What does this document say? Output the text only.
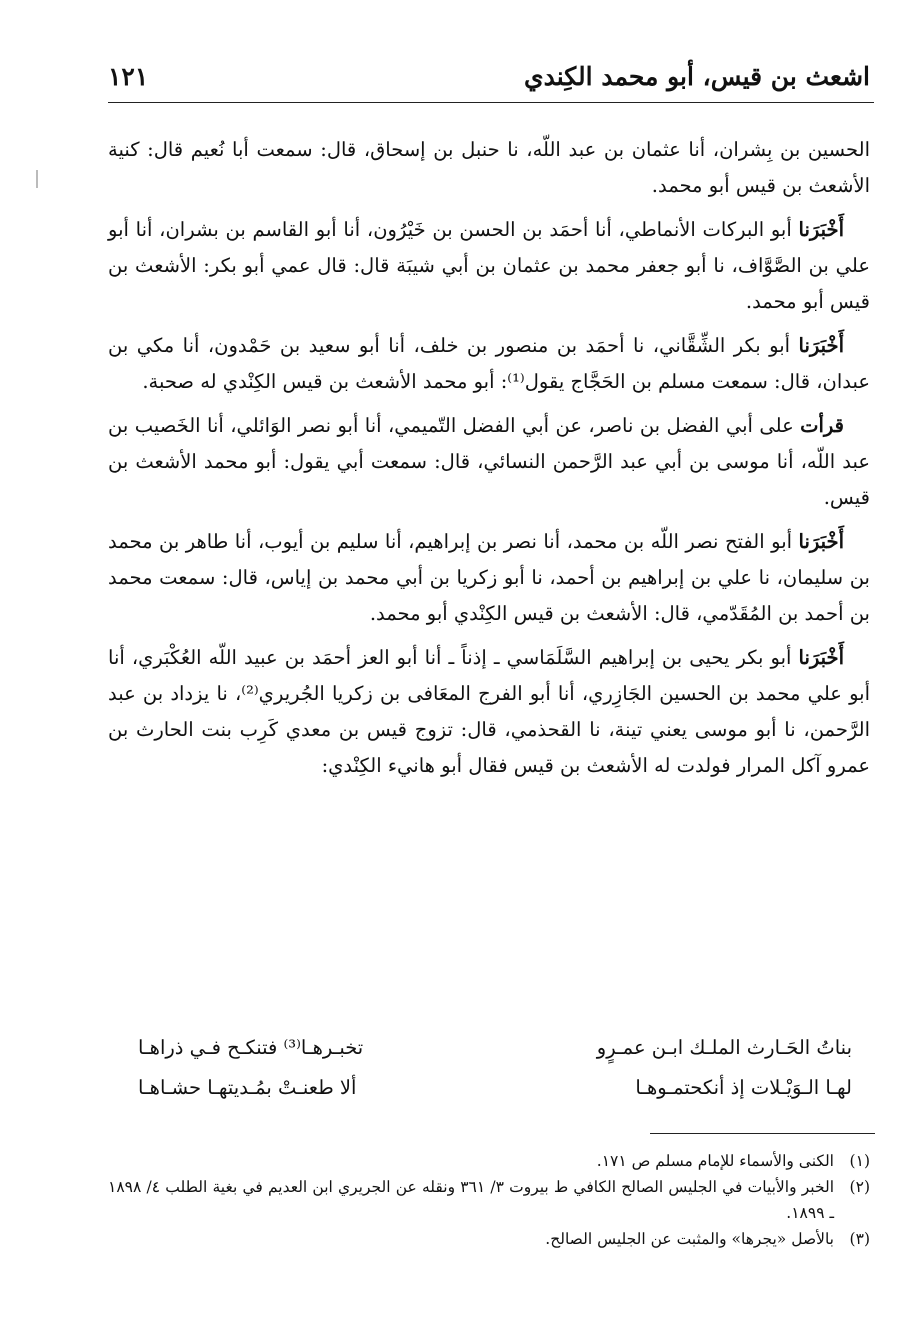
اشعث بن قيس، أبو محمد الكِندي
١٢١

الحسين بن بِشران، أنا عثمان بن عبد اللّه، نا حنبل بن إسحاق، قال: سمعت أبا نُعيم قال: كنية الأشعث بن قيس أبو محمد.

أَخْبَرَنا أبو البركات الأنماطي، أنا أحمَد بن الحسن بن خَيْرُون، أنا أبو القاسم بن بشران، أنا أبو علي بن الصَّوَّاف، نا أبو جعفر محمد بن عثمان بن أبي شيبَة قال: قال عمي أبو بكر: الأشعث بن قيس أبو محمد.

أَخْبَرَنا أبو بكر الشِّقَّاني، نا أحمَد بن منصور بن خلف، أنا أبو سعيد بن حَمْدون، أنا مكي بن عبدان، قال: سمعت مسلم بن الحَجَّاج يقول⁽¹⁾: أبو محمد الأشعث بن قيس الكِنْدي له صحبة.

قرأت على أبي الفضل بن ناصر، عن أبي الفضل التّميمي، أنا أبو نصر الوَائلي، أنا الخَصيب بن عبد اللّه، أنا موسى بن أبي عبد الرَّحمن النسائي، قال: سمعت أبي يقول: أبو محمد الأشعث بن قيس.

أَخْبَرَنا أبو الفتح نصر اللّه بن محمد، أنا نصر بن إبراهيم، أنا سليم بن أيوب، أنا طاهر بن محمد بن سليمان، نا علي بن إبراهيم بن أحمد، نا أبو زكريا بن أبي محمد بن إياس، قال: سمعت محمد بن أحمد بن المُقَدّمي، قال: الأشعث بن قيس الكِنْدي أبو محمد.

أَخْبَرَنا أبو بكر يحيى بن إبراهيم السَّلَمَاسي ـ إذناً ـ أنا أبو العز أحمَد بن عبيد اللّه العُكْبَري، أنا أبو علي محمد بن الحسين الجَازِري، أنا أبو الفرج المعَافى بن زكريا الجُريري⁽²⁾، نا يزداد بن عبد الرَّحمن، نا أبو موسى يعني تينة، نا القحذمي، قال: تزوج قيس بن معدي كَرِب بنت الحارث بن عمرو آكل المرار فولدت له الأشعث بن قيس فقال أبو هانيء الكِنْدي:

بناتُ الحَـارث الملـك ابـن عمـرٍو
تخبـرهـا⁽³⁾ فتنكـح فـي ذراهـا
لهـا الـوَيْـلات إذ أنكحتمـوهـا
ألا طعنـتْ بمُـديتهـا حشـاهـا
(١)
الكنى والأسماء للإمام مسلم ص ١٧١.
(٢)
الخبر والأبيات في الجليس الصالح الكافي ط بيروت ٣/ ٣٦١ ونقله عن الجريري ابن العديم في بغية الطلب ٤/ ١٨٩٨ ـ ١٨٩٩.
(٣)
بالأصل «يجرها» والمثبت عن الجليس الصالح.
